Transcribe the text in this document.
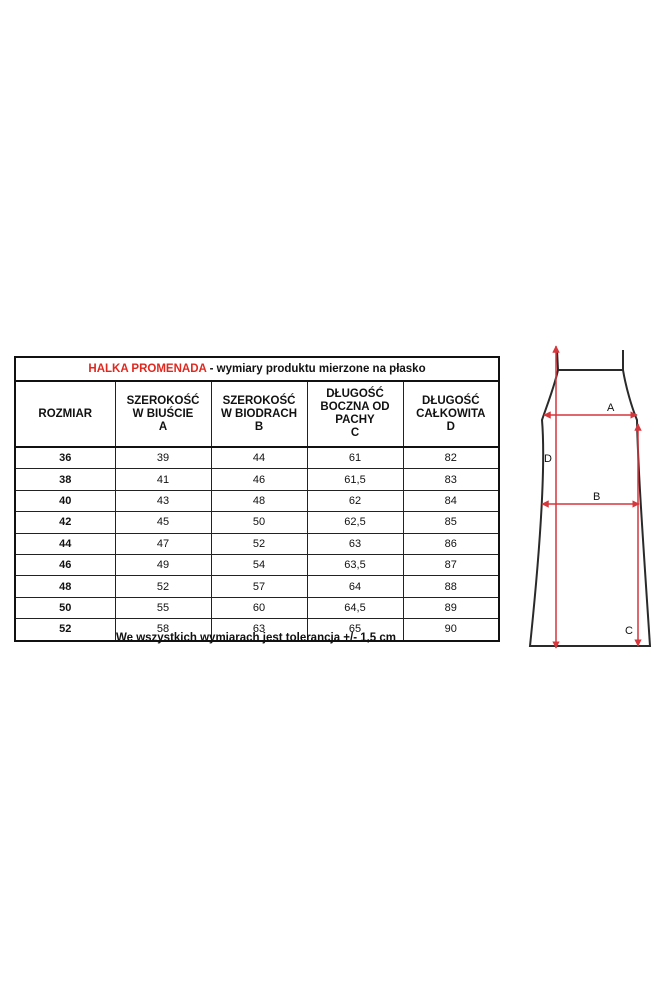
HALKA PROMENADA - wymiary produktu mierzone na płasko				

ROZMIAR	SZEROKOŚĆ
W BIUŚCIE
A	SZEROKOŚĆ
W BIODRACH
B	DŁUGOŚĆ
BOCZNA OD
PACHY
C	DŁUGOŚĆ
CAŁKOWITA
D

36	39	44	61	82
38	41	46	61,5	83
40	43	48	62	84
42	45	50	62,5	85
44	47	52	63	86
46	49	54	63,5	87
48	52	57	64	88
50	55	60	64,5	89
52	58	63	65	90
We wszystkich wymiarach jest tolerancja +/- 1,5 cm
A
B
C
D
